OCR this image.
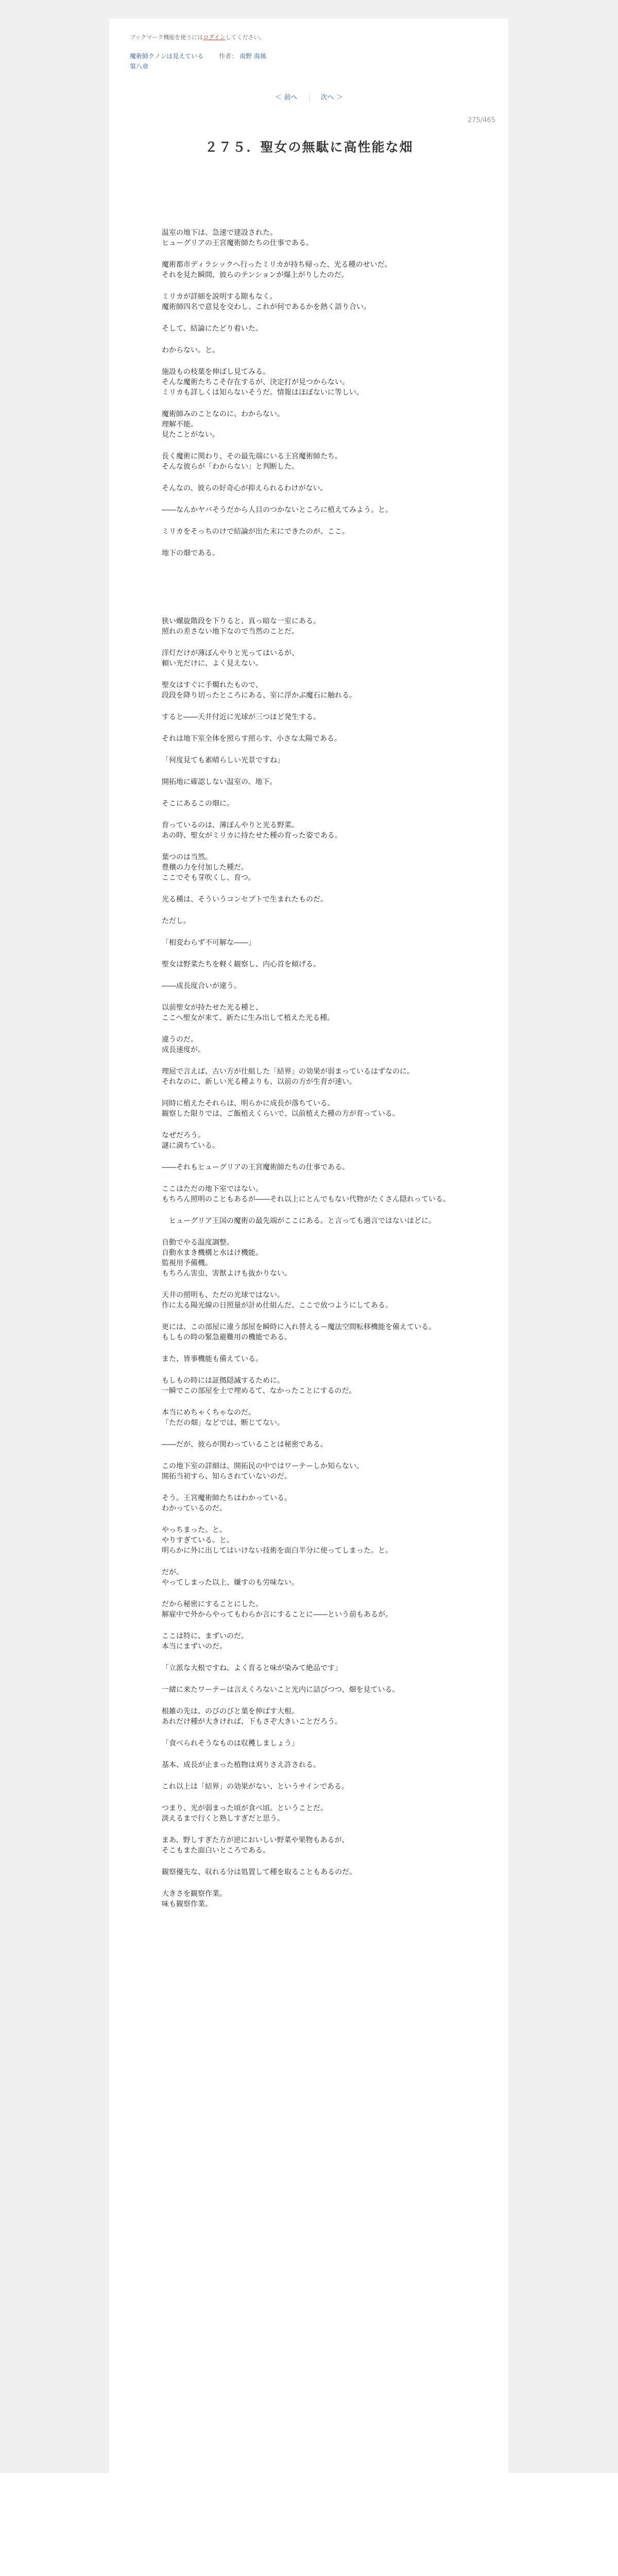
ブックマーク機能を使うにはログインしてください。
魔術師クノンは見えている 作者： 南野 海風
第八章
＜ 前へ	次へ ＞
275/465
２７５．聖女の無駄に高性能な畑

温室の地下は、急速で建設された。

ヒューグリアの王宮魔術師たちの仕事である。

魔術都市ディラシックへ行ったミリカが持ち帰った、光る種のせいだ。

それを見た瞬間、彼らのテンションが爆上がりしたのだ。

ミリカが詳細を説明する隙もなく。

魔術師四名で意見を交わし、これが何であるかを熱く語り合い。

そして、結論にたどり着いた。

わからない。と。

施設もの枝葉を伸ばし見てみる。

そんな魔術たちこそ存在するが、決定打が見つからない。

ミリカも詳しくは知らないそうだ。情報はほぼないに等しい。

魔術師みのことなのに、わからない。

理解不能。

見たことがない。

長く魔術に関わり、その最先端にいる王宮魔術師たち。

そんな彼らが「わからない」と判断した。

そんなの、彼らの好奇心が抑えられるわけがない。

――なんかヤバそうだから人目のつかないところに植えてみよう。と。

ミリカをそっちのけで結論が出た末にできたのが、ここ。

地下の畑である。

狭い螺旋階段を下りると、真っ暗な一室にある。

照れの差さない地下なので当然のことだ。

洋灯だけが薄ぼんやりと光ってはいるが、

頼い光だけに、よく見えない。

聖女はすぐに手燭れたもので、

段段を降り切ったところにある、室に浮かぶ魔石に触れる。

すると――天井付近に光球が三つほど発生する。

それは地下室全体を照らす照らす、小さな太陽である。

「何度見ても素晴らしい光景ですね」

開拓地に確認しない温室の、地下。

そこにあるこの畑に。

育っているのは、薄ぼんやりと光る野菜。

あの時、聖女がミリカに持たせた種の育った姿である。

葉つのは当然。

豊穣の力を付加した種だ。

ここでそも芽吹くし、育つ。

光る種は、そういうコンセプトで生まれたものだ。

ただし。

「相変わらず不可解な――」

聖女は野菜たちを軽く観察し、内心首を傾げる。

――成長度合いが違う。

以前聖女が持たせた光る種と、

ここへ聖女が来て、新たに生み出して植えた光る種。

違うのだ。

成長速度が。

理屈で言えば、古い方が仕組した「結界」の効果が弱まっているはずなのに。

それなのに、新しい光る種よりも、以前の方が生育が速い。

同時に植えたそれらは、明らかに成長が落ちている。

観察した限りでは、ご飯植えくらいで、以前植えた種の方が育っている。

なぜだろう。

謎に満ちている。

――それもヒューグリアの王宮魔術師たちの仕事である。

ここはただの地下室ではない。

もちろん照明のこともあるが――それ以上にとんでもない代物がたくさん隠れっている。

　ヒューグリア王国の魔術の最先端がここにある。と言っても過言ではないほどに。

自動でやる温度調整。

自動水まき機構と水はけ機能。

監視用予備機。

もちろん害虫、害獣よけも抜かりない。

天井の照明も、ただの光球ではない。

作に太る陽光線の日照量が計め仕組んだ、ここで放つようにしてある。

更には、この部屋に違う部屋を瞬時に入れ替えるー魔法空間転移機能を備えている。

もしもの時の緊急避難用の機能である。

また、皆事機能も備えている。

もしもの時には証拠隠滅するために。

一瞬でこの部屋を土で埋めるて、なかったことにするのだ。

本当にめちゃくちゃなのだ。

「ただの畑」などでは、断じてない。

――だが、彼らが関わっていることは秘密である。

この地下室の詳細は、開拓民の中ではワーテーしか知らない。

開拓当初すら、知らされていないのだ。

そう。王宮魔術師たちはわかっている。

わかっているのだ。

やっちまった。と。

やりすぎている。と。

明らかに外に出してはいけない技術を面白半分に使ってしまった。と。

だが。

やってしまった以上、嫌すのも労味ない。

だから秘密にすることにした。

解雇中で外からやってもわらか言にすることに――という前もあるが。

ここは特に、まずいのだ。

本当にまずいのだ。

「立派な大根ですね。よく育ると味が染みて絶品です」

一緒に来たワーテーは言えくろないこと光内に詰びつつ、畑を見ている。

根雑の先は、のびのびと葉を伸ばす大根。

あれだけ種が大きければ、下もさぞ大きいことだろう。

「食べられそうなものは収穫しましょう」

基本、成長が止まった植物は刈りさえ許される。

これ以上は「結界」の効果がない、というサインである。

つまり、光が弱まった頃が食べ頃。ということだ。

淡えるまで行くと熟しすぎだと思う。

まあ、野しすぎた方が逆においしい野菜や果物もあるが、

そこもまた面白いところである。

観察優先な、収れる分は処置して種を取ることもあるのだ。

大きさを観察作業。

味も観察作業。
